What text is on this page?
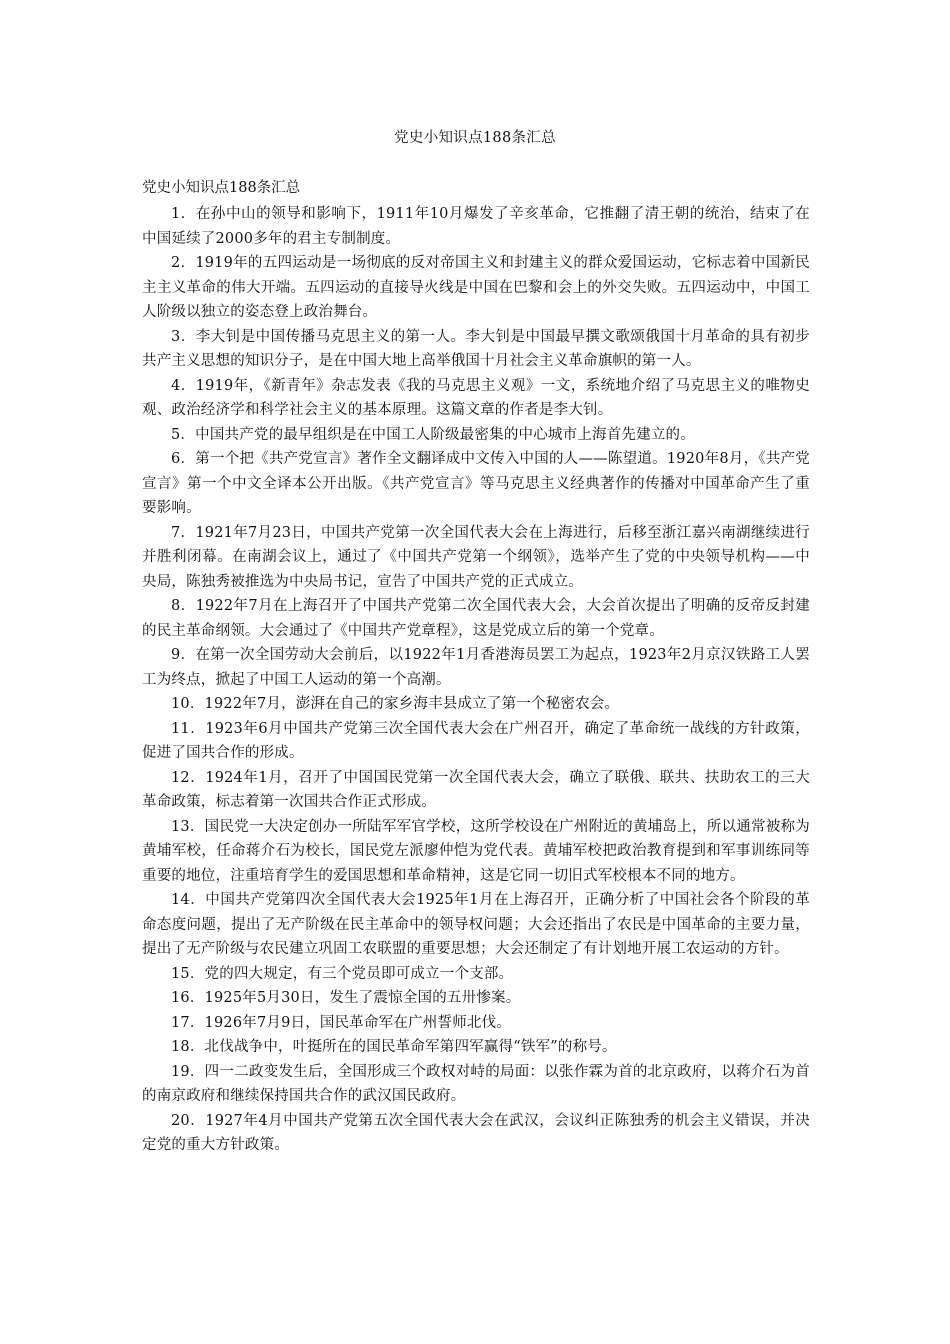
党史小知识点188条汇总
党史小知识点188条汇总

1．在孙中山的领导和影响下，1911年10月爆发了辛亥革命，它推翻了清王朝的统治，结束了在中国延续了2000多年的君主专制制度。

2．1919年的五四运动是一场彻底的反对帝国主义和封建主义的群众爱国运动，它标志着中国新民主主义革命的伟大开端。五四运动的直接导火线是中国在巴黎和会上的外交失败。五四运动中，中国工人阶级以独立的姿态登上政治舞台。

3．李大钊是中国传播马克思主义的第一人。李大钊是中国最早撰文歌颂俄国十月革命的具有初步共产主义思想的知识分子，是在中国大地上高举俄国十月社会主义革命旗帜的第一人。

4．1919年，《新青年》杂志发表《我的马克思主义观》一文，系统地介绍了马克思主义的唯物史观、政治经济学和科学社会主义的基本原理。这篇文章的作者是李大钊。

5．中国共产党的最早组织是在中国工人阶级最密集的中心城市上海首先建立的。

6．第一个把《共产党宣言》著作全文翻译成中文传入中国的人——陈望道。1920年8月，《共产党宣言》第一个中文全译本公开出版。《共产党宣言》等马克思主义经典著作的传播对中国革命产生了重要影响。

7．1921年7月23日，中国共产党第一次全国代表大会在上海进行，后移至浙江嘉兴南湖继续进行并胜利闭幕。在南湖会议上，通过了《中国共产党第一个纲领》，选举产生了党的中央领导机构——中央局，陈独秀被推选为中央局书记，宣告了中国共产党的正式成立。

8．1922年7月在上海召开了中国共产党第二次全国代表大会，大会首次提出了明确的反帝反封建的民主革命纲领。大会通过了《中国共产党章程》，这是党成立后的第一个党章。

9．在第一次全国劳动大会前后，以1922年1月香港海员罢工为起点，1923年2月京汉铁路工人罢工为终点，掀起了中国工人运动的第一个高潮。

10．1922年7月，澎湃在自己的家乡海丰县成立了第一个秘密农会。

11．1923年6月中国共产党第三次全国代表大会在广州召开，确定了革命统一战线的方针政策，促进了国共合作的形成。

12．1924年1月，召开了中国国民党第一次全国代表大会，确立了联俄、联共、扶助农工的三大革命政策，标志着第一次国共合作正式形成。

13．国民党一大决定创办一所陆军军官学校，这所学校设在广州附近的黄埔岛上，所以通常被称为黄埔军校，任命蒋介石为校长，国民党左派廖仲恺为党代表。黄埔军校把政治教育提到和军事训练同等重要的地位，注重培育学生的爱国思想和革命精神，这是它同一切旧式军校根本不同的地方。

14．中国共产党第四次全国代表大会1925年1月在上海召开，正确分析了中国社会各个阶段的革命态度问题，提出了无产阶级在民主革命中的领导权问题；大会还指出了农民是中国革命的主要力量，提出了无产阶级与农民建立巩固工农联盟的重要思想；大会还制定了有计划地开展工农运动的方针。

15．党的四大规定，有三个党员即可成立一个支部。

16．1925年5月30日，发生了震惊全国的五卅惨案。

17．1926年7月9日，国民革命军在广州誓师北伐。

18．北伐战争中，叶挺所在的国民革命军第四军赢得“铁军”的称号。

19．四一二政变发生后，全国形成三个政权对峙的局面：以张作霖为首的北京政府，以蒋介石为首的南京政府和继续保持国共合作的武汉国民政府。

20．1927年4月中国共产党第五次全国代表大会在武汉，会议纠正陈独秀的机会主义错误，并决定党的重大方针政策。
